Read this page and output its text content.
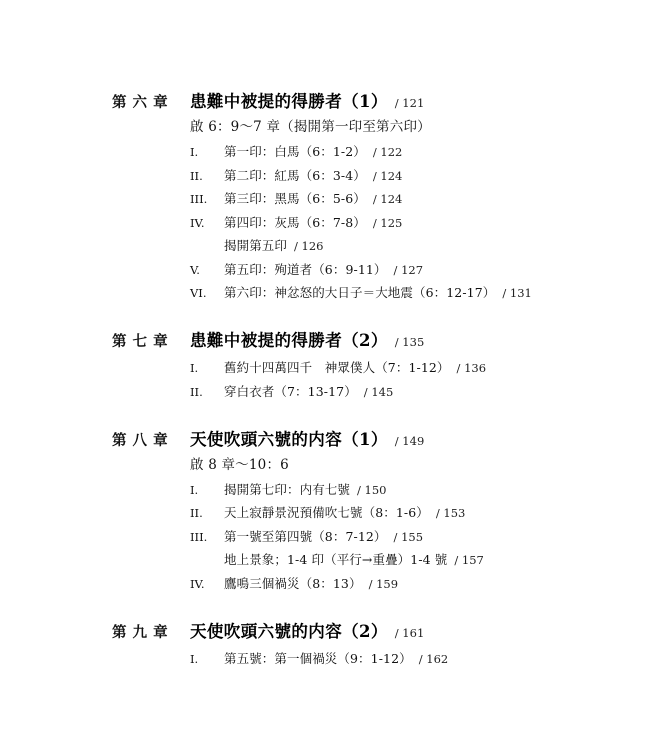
第 六 章	患難中被提的得勝者（1） / 121
啟 6：9～7 章（揭開第一印至第六印）
I.	第一印：白馬（6：1-2） / 122
II.	第二印：紅馬（6：3-4） / 124
III.	第三印：黑馬（6：5-6） / 124
IV.	第四印：灰馬（6：7-8） / 125
揭開第五印 / 126
V.	第五印：殉道者（6：9-11） / 127
VI.	第六印：神忿怒的大日子＝大地震（6：12-17） / 131
第 七 章	患難中被提的得勝者（2） / 135
I.	舊約十四萬四千　神眾僕人（7：1-12） / 136
II.	穿白衣者（7：13-17） / 145
第 八 章	天使吹頭六號的内容（1） / 149
啟 8 章～10：6
I.	揭開第七印：内有七號 / 150
II.	天上寂靜景況預備吹七號（8：1-6） / 153
III.	第一號至第四號（8：7-12） / 155
地上景象；1-4 印（平行→重疊）1-4 號 / 157
IV.	鷹鳴三個禍災（8：13） / 159
第 九 章	天使吹頭六號的内容（2） / 161
I.	第五號：第一個禍災（9：1-12） / 162
